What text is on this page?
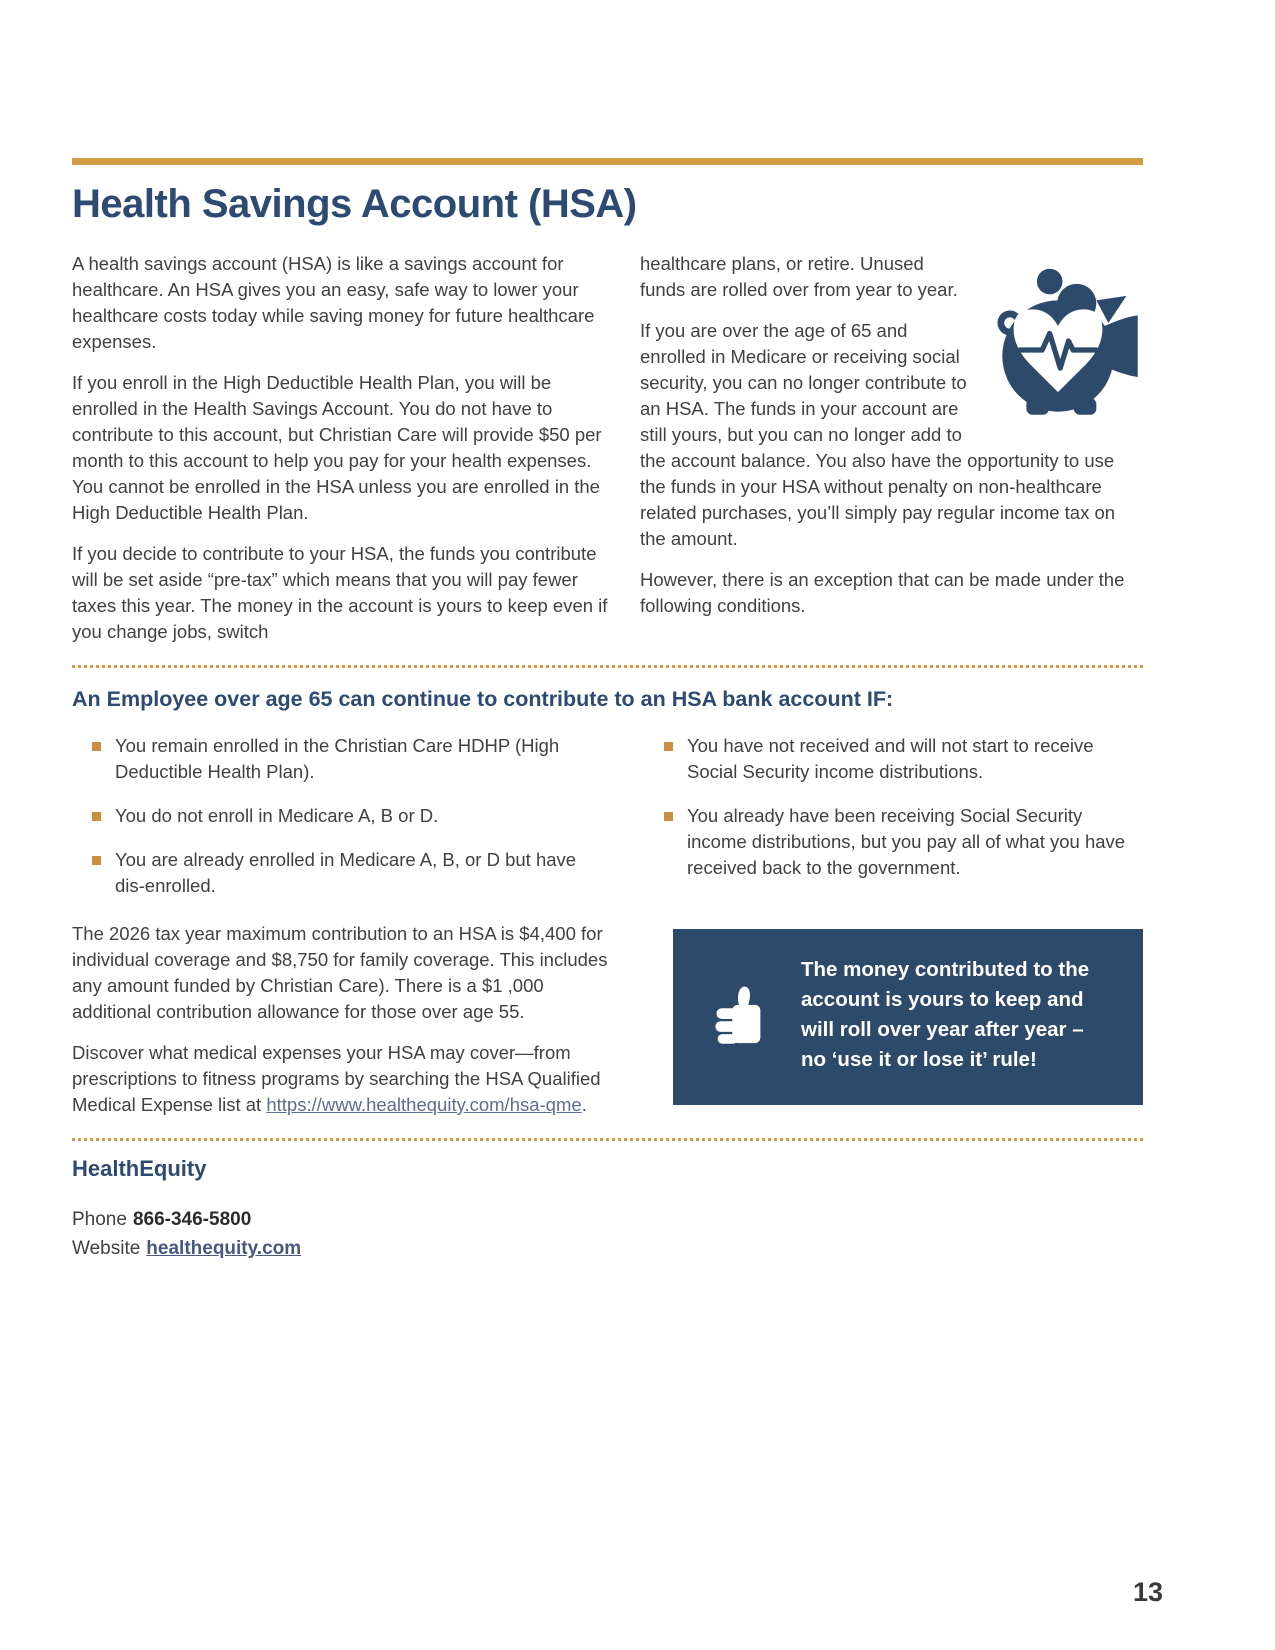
Health Savings Account (HSA)

A health savings account (HSA) is like a savings account for healthcare. An HSA gives you an easy, safe way to lower your healthcare costs today while saving money for future healthcare expenses.

If you enroll in the High Deductible Health Plan, you will be enrolled in the Health Savings Account. You do not have to contribute to this account, but Christian Care will provide $50 per month to this account to help you pay for your health expenses. You cannot be enrolled in the HSA unless you are enrolled in the High Deductible Health Plan.

If you decide to contribute to your HSA, the funds you contribute will be set aside “pre-tax” which means that you will pay fewer taxes this year. The money in the account is yours to keep even if you change jobs, switch

healthcare plans, or retire. Unused funds are rolled over from year to year.

If you are over the age of 65 and enrolled in Medicare or receiving social security, you can no longer contribute to an HSA. The funds in your account are still yours, but you can no longer add to the account balance. You also have the opportunity to use the funds in your HSA without penalty on non-healthcare related purchases, you’ll simply pay regular income tax on the amount.

However, there is an exception that can be made under the following conditions.

An Employee over age 65 can continue to contribute to an HSA bank account IF:
You remain enrolled in the Christian Care HDHP (High Deductible Health Plan).
You do not enroll in Medicare A, B or D.
You are already enrolled in Medicare A, B, or D but have dis-enrolled.
You have not received and will not start to receive Social Security income distributions.
You already have been receiving Social Security income distributions, but you pay all of what you have received back to the government.

The 2026 tax year maximum contribution to an HSA is $4,400 for individual coverage and $8,750 for family coverage. This includes any amount funded by Christian Care). There is a $1 ,000 additional contribution allowance for those over age 55.

Discover what medical expenses your HSA may cover—from prescriptions to fitness programs by searching the HSA Qualified Medical Expense list at https://www.healthequity.com/hsa-qme.

The money contributed to the account is yours to keep and will roll over year after year – no ‘use it or lose it’ rule!
HealthEquity

Phone 866-346-5800

Website healthequity.com

13
